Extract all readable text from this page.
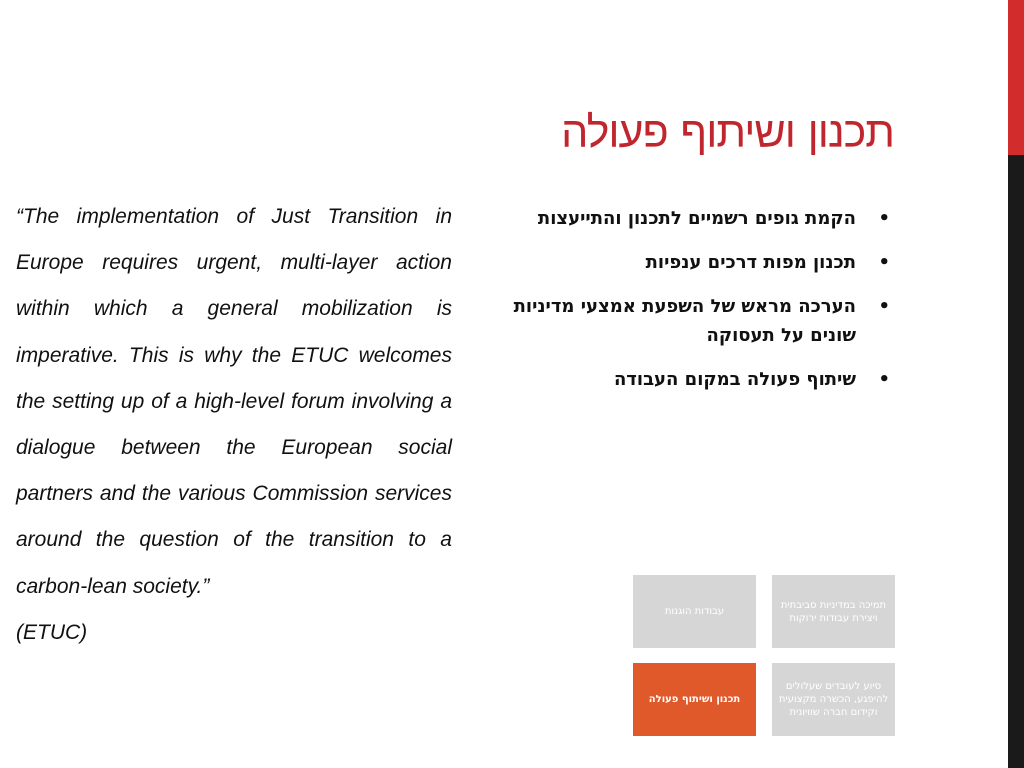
תכנון ושיתוף פעולה

“The implementation of Just Transition in Europe requires urgent, multi-layer action within which a general mobilization is imperative. This is why the ETUC welcomes the setting up of a high-level forum involving a dialogue between the European social partners and the various Commission services around the question of the transition to a carbon-lean society.”

(ETUC)

• הקמת גופים רשמיים לתכנון והתייעצות
• תכנון מפות דרכים ענפיות
• הערכה מראש של השפעת אמצעי מדיניות שונים על תעסוקה
• שיתוף פעולה במקום העבודה
עבודות הוגנות
תמיכה במדיניות סביבתית ויצירת עבודות ירוקות
תכנון ושיתוף פעולה
סיוע לעובדים שעלולים להיפגע, הכשרה מקצועית וקידום חברה שוויונית
